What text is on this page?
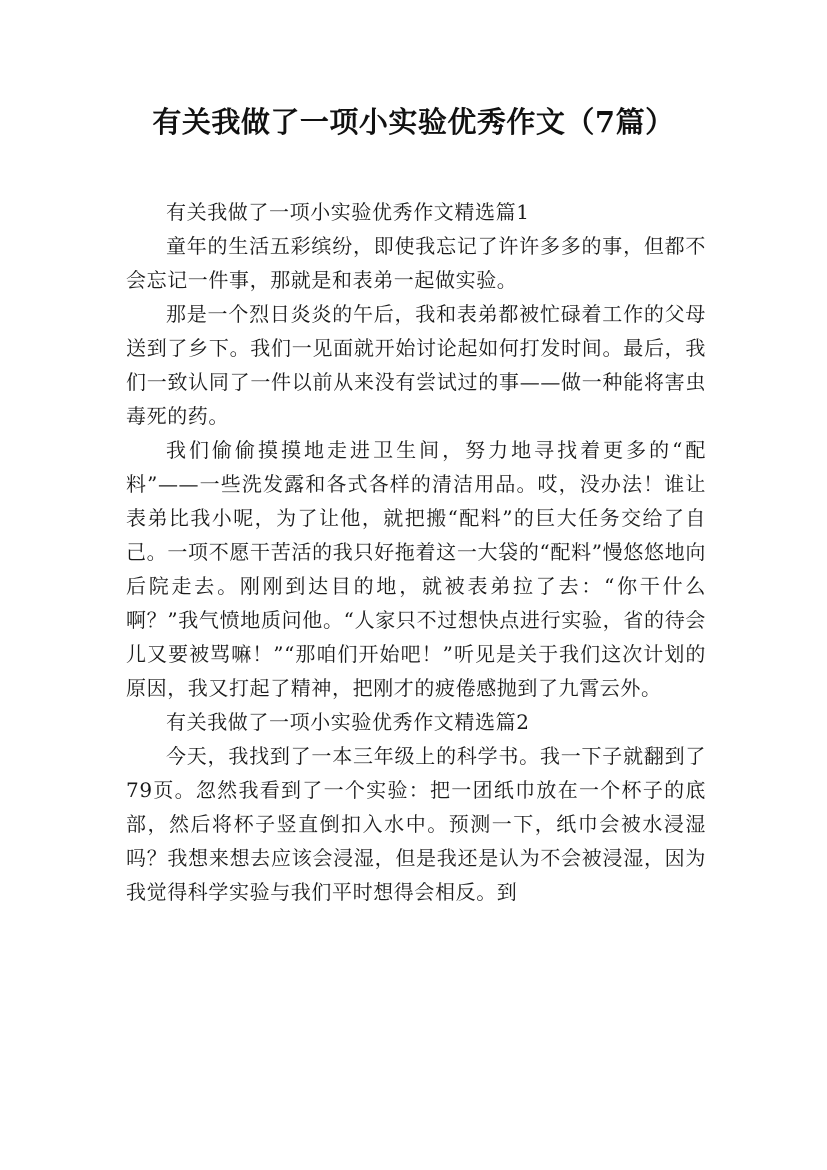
有关我做了一项小实验优秀作文（7篇）

有关我做了一项小实验优秀作文精选篇1

童年的生活五彩缤纷，即使我忘记了许许多多的事，但都不会忘记一件事，那就是和表弟一起做实验。

那是一个烈日炎炎的午后，我和表弟都被忙碌着工作的父母送到了乡下。我们一见面就开始讨论起如何打发时间。最后，我们一致认同了一件以前从来没有尝试过的事——做一种能将害虫毒死的药。

我们偷偷摸摸地走进卫生间，努力地寻找着更多的“配料”——一些洗发露和各式各样的清洁用品。哎，没办法！谁让表弟比我小呢，为了让他，就把搬“配料”的巨大任务交给了自己。一项不愿干苦活的我只好拖着这一大袋的“配料”慢悠悠地向后院走去。刚刚到达目的地，就被表弟拉了去：“你干什么啊？”我气愤地质问他。“人家只不过想快点进行实验，省的待会儿又要被骂嘛！”“那咱们开始吧！”听见是关于我们这次计划的原因，我又打起了精神，把刚才的疲倦感抛到了九霄云外。

有关我做了一项小实验优秀作文精选篇2

今天，我找到了一本三年级上的科学书。我一下子就翻到了79页。忽然我看到了一个实验：把一团纸巾放在一个杯子的底部，然后将杯子竖直倒扣入水中。预测一下，纸巾会被水浸湿吗？我想来想去应该会浸湿，但是我还是认为不会被浸湿，因为我觉得科学实验与我们平时想得会相反。到
